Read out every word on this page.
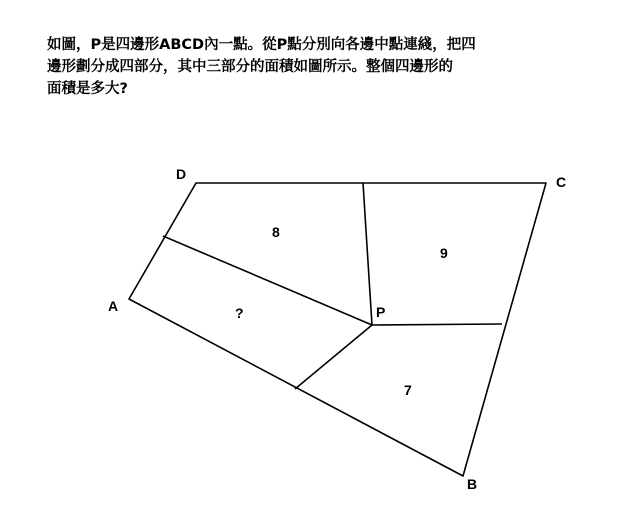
如圖，P是四邊形ABCD內一點。從P點分別向各邊中點連綫，把四
邊形劃分成四部分，其中三部分的面積如圖所示。整個四邊形的
面積是多大?
D	C
A
B
P
8
9
7
?
